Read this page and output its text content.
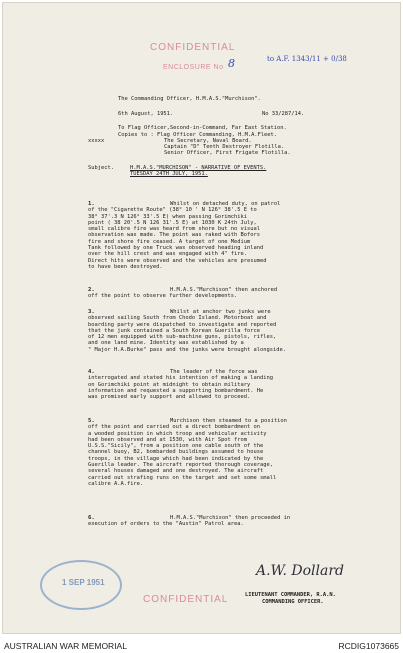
CONFIDENTIAL
ENCLOSURE No 8	to A.F. 1343/11 + 0/38
The Commanding Officer, H.M.A.S."Murchison".
6th August, 1951.	No 33/287/14.
To Flag Officer,Second-in-Command, Far East Station.
Copies to : Flag Officer Commanding, H.M.A.Fleet.
The Secretary, Naval Board.
Captain "D" Tenth Destroyer Flotilla.
Senior Officer, First Frigate Flotilla.
xxxxx
Subject.	H.M.A.S."MURCHISON" - NARRATIVE OF EVENTS.
TUESDAY 24TH JULY, 1951.
1.	Whilst on detached duty, on patrol

of the "Cigarette Route" (38° 10 ' N 126° 38'.5 E to

38° 37'.3 N 126° 33'.5 E) when passing Gorimchiki

point ( 38 20'.5 N 126 31'.5 E) at 1030 K 24th July,

small calibre fire was heard from shore but no visual

observation was made. The point was raked with Bofors

fire and shore fire ceased. A target of one Medium

Tank followed by one Truck was observed heading inland

over the hill crest and was engaged with 4" fire.

Direct hits were observed and the vehicles are presumed

to have been destroyed.

2.	H.M.A.S."Murchison" then anchored

off the point to observe further developments.

3.	Whilst at anchor two junks were

observed sailing South from Chodo Island. Motorboat and

boarding party were dispatched to investigate and reported

that the junk contained a South Korean Guerilla force

of 12 men equipped with sub-machine guns, pistols, rifles,

and one land mine. Identity was established by a

" Major H.A.Burke" pass and the junks were brought alongside.

4.	The leader of the force was

interrogated and stated his intention of making a landing

on Gorimchiki point at midnight to obtain military

information and requested a supporting bombardment. He

was promised early support and allowed to proceed.

5.	Murchison then steamed to a position

off the point and carried out a direct bombardment on

a wooded position in which troop and vehicular activity

had been observed and at 1530, with Air Spot from

U.S.S."Sicily", from a position one cable south of the

channel buoy, B2, bombarded buildings assumed to house

troops, in the village which had been indicated by the

Guerilla leader. The aircraft reported thorough coverage,

several houses damaged and one destroyed. The aircraft

carried out strafing runs on the target and set some small

calibre A.A.fire.

6.	H.M.A.S."Murchison" then proceeded in

execution of orders to the "Austin" Patrol area.

1 SEP 1951
CONFIDENTIAL
A.W. Dollard
LIEUTENANT COMMANDER, R.A.N.
COMMANDING OFFICER.
AUSTRALIAN WAR MEMORIAL	RCDIG1073665
